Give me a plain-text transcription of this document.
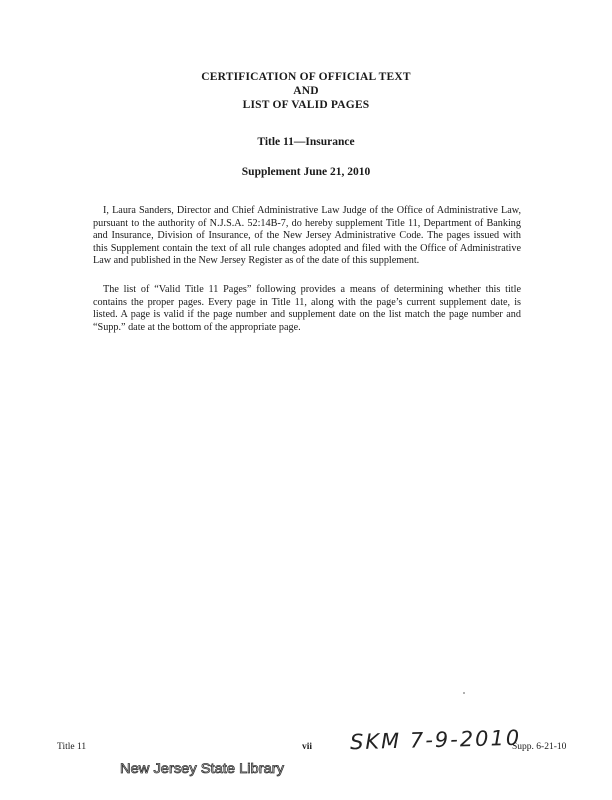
CERTIFICATION OF OFFICIAL TEXT
AND
LIST OF VALID PAGES
Title 11—Insurance
Supplement June 21, 2010

I, Laura Sanders, Director and Chief Administrative Law Judge of the Office of Administrative Law, pursuant to the authority of N.J.S.A. 52:14B-7, do hereby supplement Title 11, Department of Banking and Insurance, Division of Insurance, of the New Jersey Administrative Code. The pages issued with this Supplement contain the text of all rule changes adopted and filed with the Office of Administrative Law and published in the New Jersey Register as of the date of this supplement.

The list of “Valid Title 11 Pages” following provides a means of determining whether this title contains the proper pages. Every page in Title 11, along with the page’s current supplement date, is listed. A page is valid if the page number and supplement date on the list match the page number and “Supp.” date at the bottom of the appropriate page.

Title 11	vii SKM 7-9-2010
Supp. 6-21-10
New Jersey State Library
